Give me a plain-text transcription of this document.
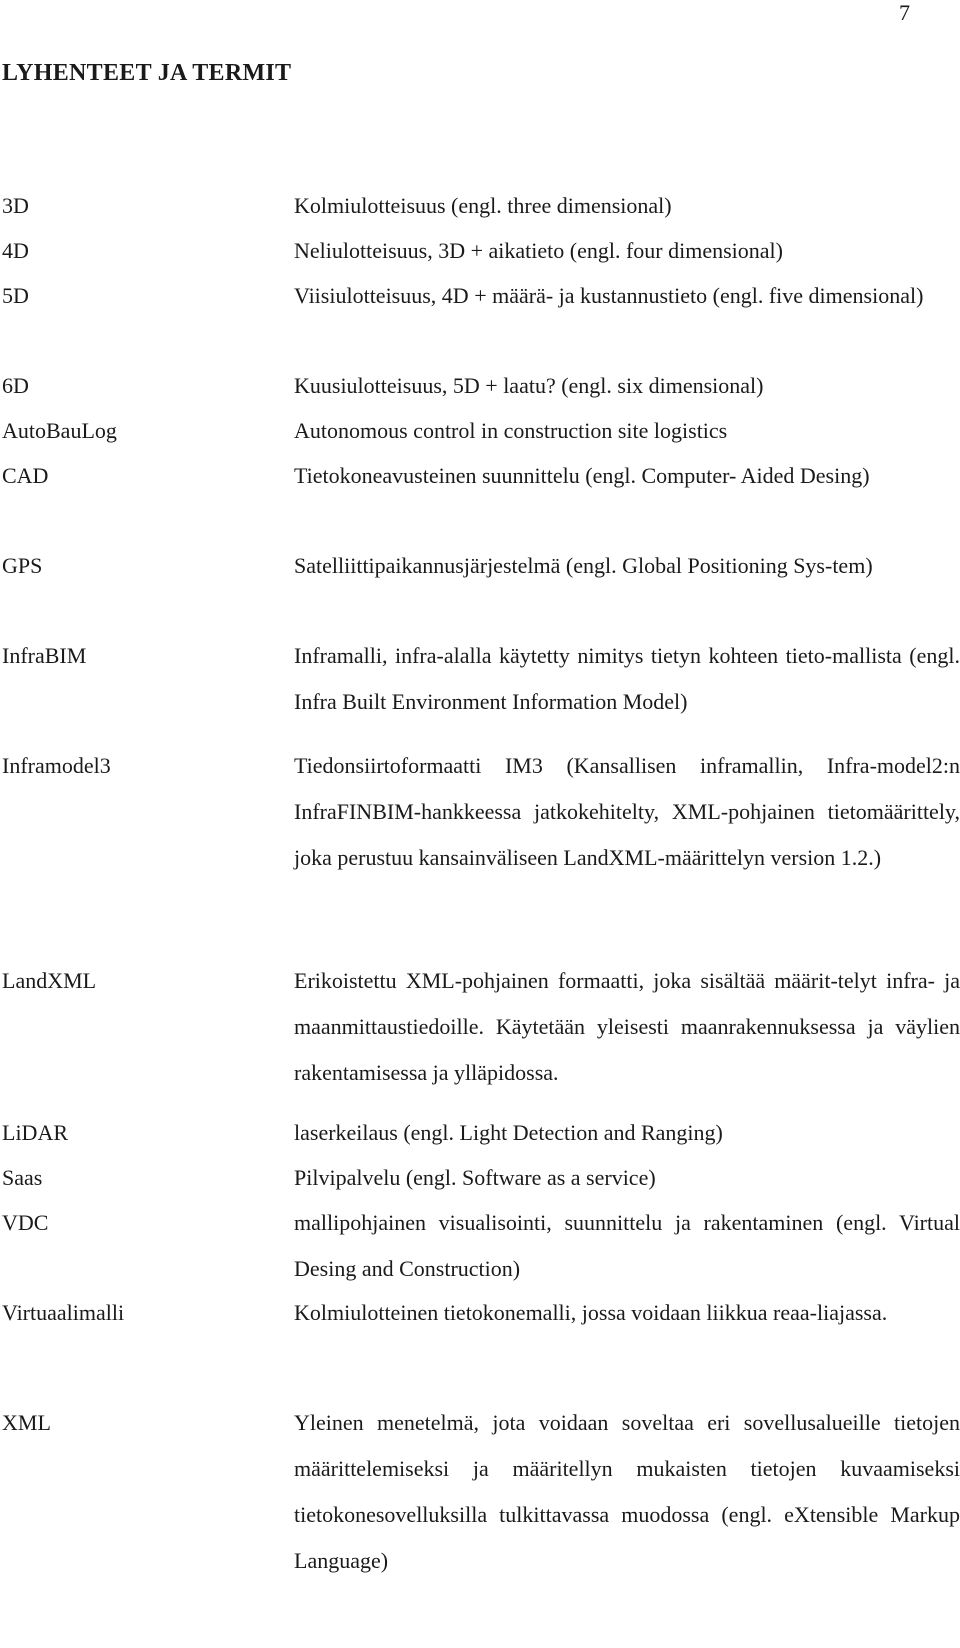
7
LYHENTEET JA TERMIT
3D	Kolmiulotteisuus (engl. three dimensional)
4D	Neliulotteisuus, 3D + aikatieto (engl. four dimensional)
5D	Viisiulotteisuus, 4D + määrä- ja kustannustieto (engl. five dimensional)
6D	Kuusiulotteisuus, 5D + laatu? (engl. six dimensional)
AutoBauLog	Autonomous control in construction site logistics
CAD	Tietokoneavusteinen suunnittelu (engl. Computer- Aided Desing)
GPS	Satelliittipaikannusjärjestelmä (engl. Global Positioning Sys-tem)
InfraBIM	Inframalli, infra-alalla käytetty nimitys tietyn kohteen tieto-mallista (engl. Infra Built Environment Information Model)
Inframodel3	Tiedonsiirtoformaatti IM3 (Kansallisen inframallin, Infra-model2:n InfraFINBIM-hankkeessa jatkokehitelty, XML-pohjainen tietomäärittely, joka perustuu kansainväliseen LandXML-määrittelyn version 1.2.)
LandXML	Erikoistettu XML-pohjainen formaatti, joka sisältää määrit-telyt infra- ja maanmittaustiedoille. Käytetään yleisesti maanrakennuksessa ja väylien rakentamisessa ja ylläpidossa.
LiDAR	laserkeilaus (engl. Light Detection and Ranging)
Saas	Pilvipalvelu (engl. Software as a service)
VDC	mallipohjainen visualisointi, suunnittelu ja rakentaminen (engl. Virtual Desing and Construction)
Virtuaalimalli	Kolmiulotteinen tietokonemalli, jossa voidaan liikkua reaa-liajassa.
XML	Yleinen menetelmä, jota voidaan soveltaa eri sovellusalueille tietojen määrittelemiseksi ja määritellyn mukaisten tietojen kuvaamiseksi tietokonesovelluksilla tulkittavassa muodossa (engl. eXtensible Markup Language)
